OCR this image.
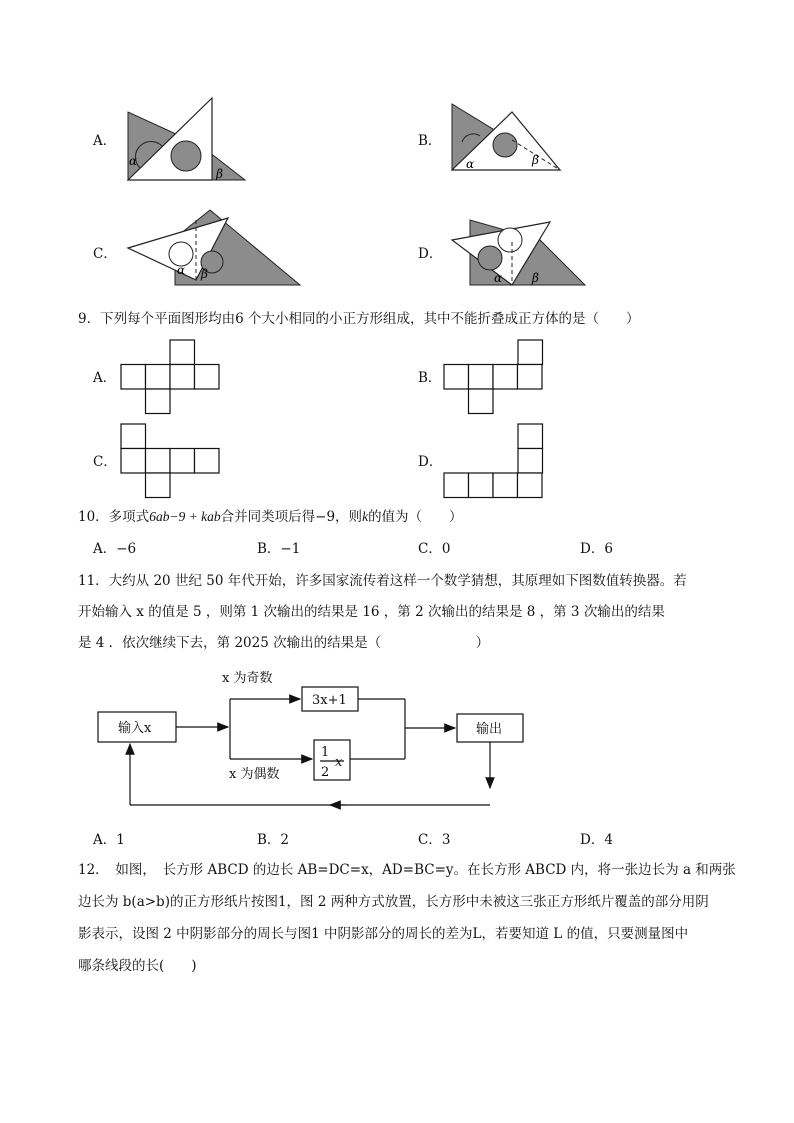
A．	B．
C．	D．
α
β
α	β
α β	α β
9．下列每个平面图形均由6 个大小相同的小正方形组成，其中不能折叠成正方体的是（　　）
A．	B．
C．	D．
10．多项式6ab−9 + kab合并同类项后得−9，则k的值为（　　）
A．−6	B．−1	C．0	D．6
11．大约从 20 世纪 50 年代开始，许多国家流传着这样一个数学猜想，其原理如下图数值转换器。若
开始输入 x 的值是 5 ，则第 1 次输出的结果是 16 ，第 2 次输出的结果是 8 ，第 3 次输出的结果
是 4 ．依次继续下去，第 2025 次输出的结果是（　　　　　　　）
输入x
x 为奇数
3x+1
x 为偶数
1
2
x
输出
A．1	B．2	C．3	D．4
12．　如图，　长方形 ABCD 的边长 AB=DC=x，AD=BC=y。在长方形 ABCD 内，将一张边长为 a 和两张
边长为 b(a>b)的正方形纸片按图1，图 2 两种方式放置，长方形中未被这三张正方形纸片覆盖的部分用阴
影表示，设图 2 中阴影部分的周长与图1 中阴影部分的周长的差为L，若要知道 L 的值，只要测量图中
哪条线段的长(　　)
